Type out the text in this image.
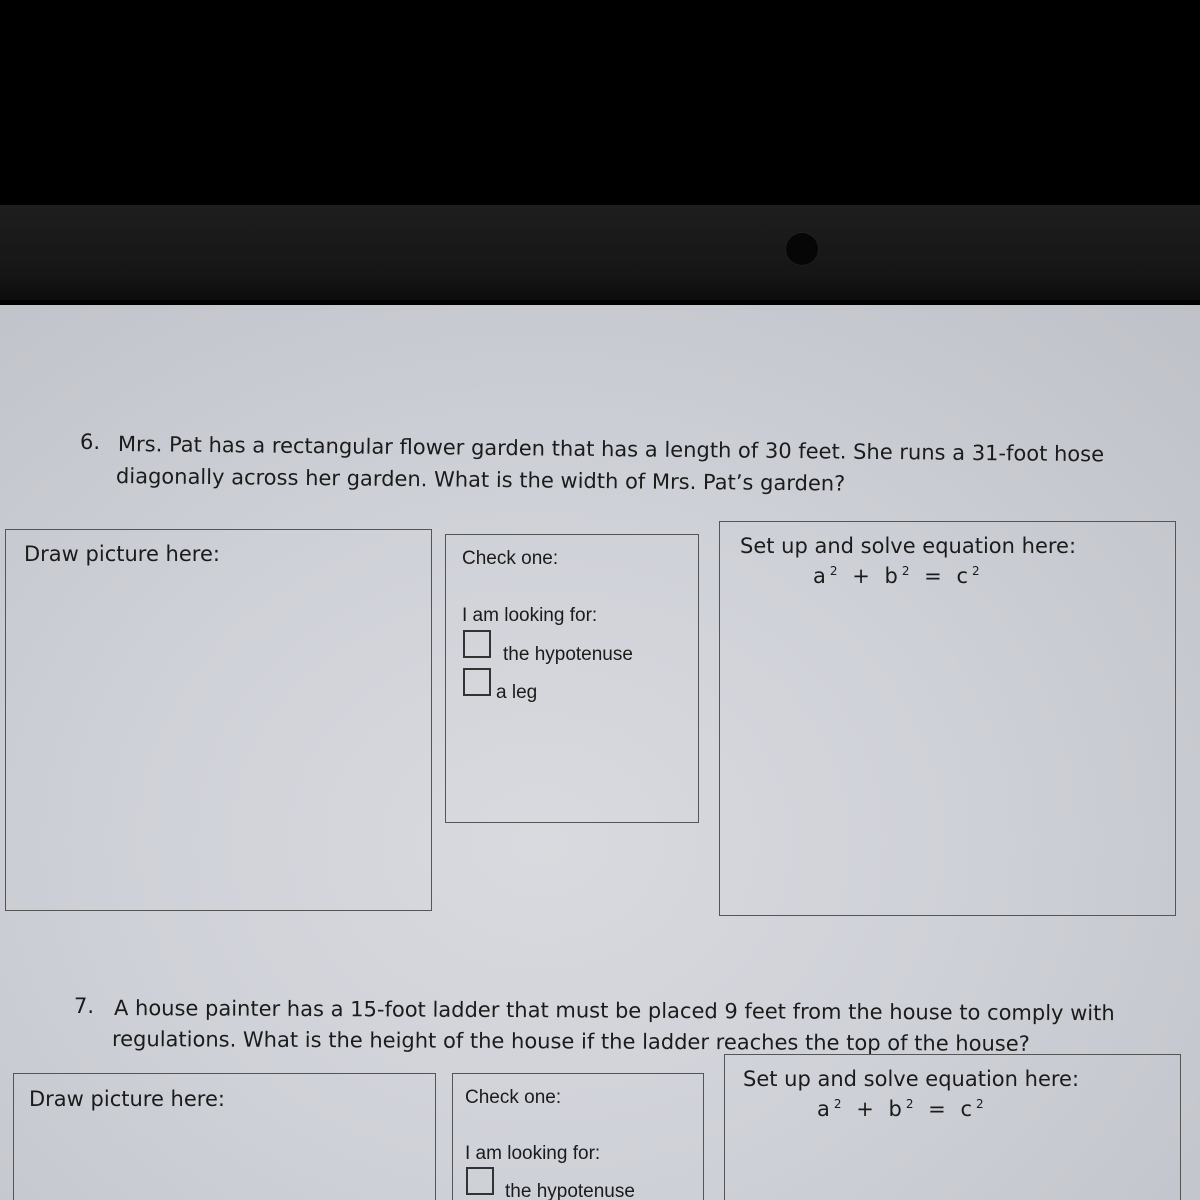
6. Mrs. Pat has a rectangular flower garden that has a length of 30 feet. She runs a 31-foot hose

diagonally across her garden. What is the width of Mrs. Pat’s garden?

Draw picture here:	Check one:
I am looking for:
the hypotenuse
a leg
Set up and solve equation here:
$a^2 + b^2 = c^2$
7. A house painter has a 15-foot ladder that must be placed 9 feet from the house to comply with

regulations. What is the height of the house if the ladder reaches the top of the house?

Draw picture here:	Check one:
I am looking for:
the hypotenuse
Set up and solve equation here:
$a^2 + b^2 = c^2$
